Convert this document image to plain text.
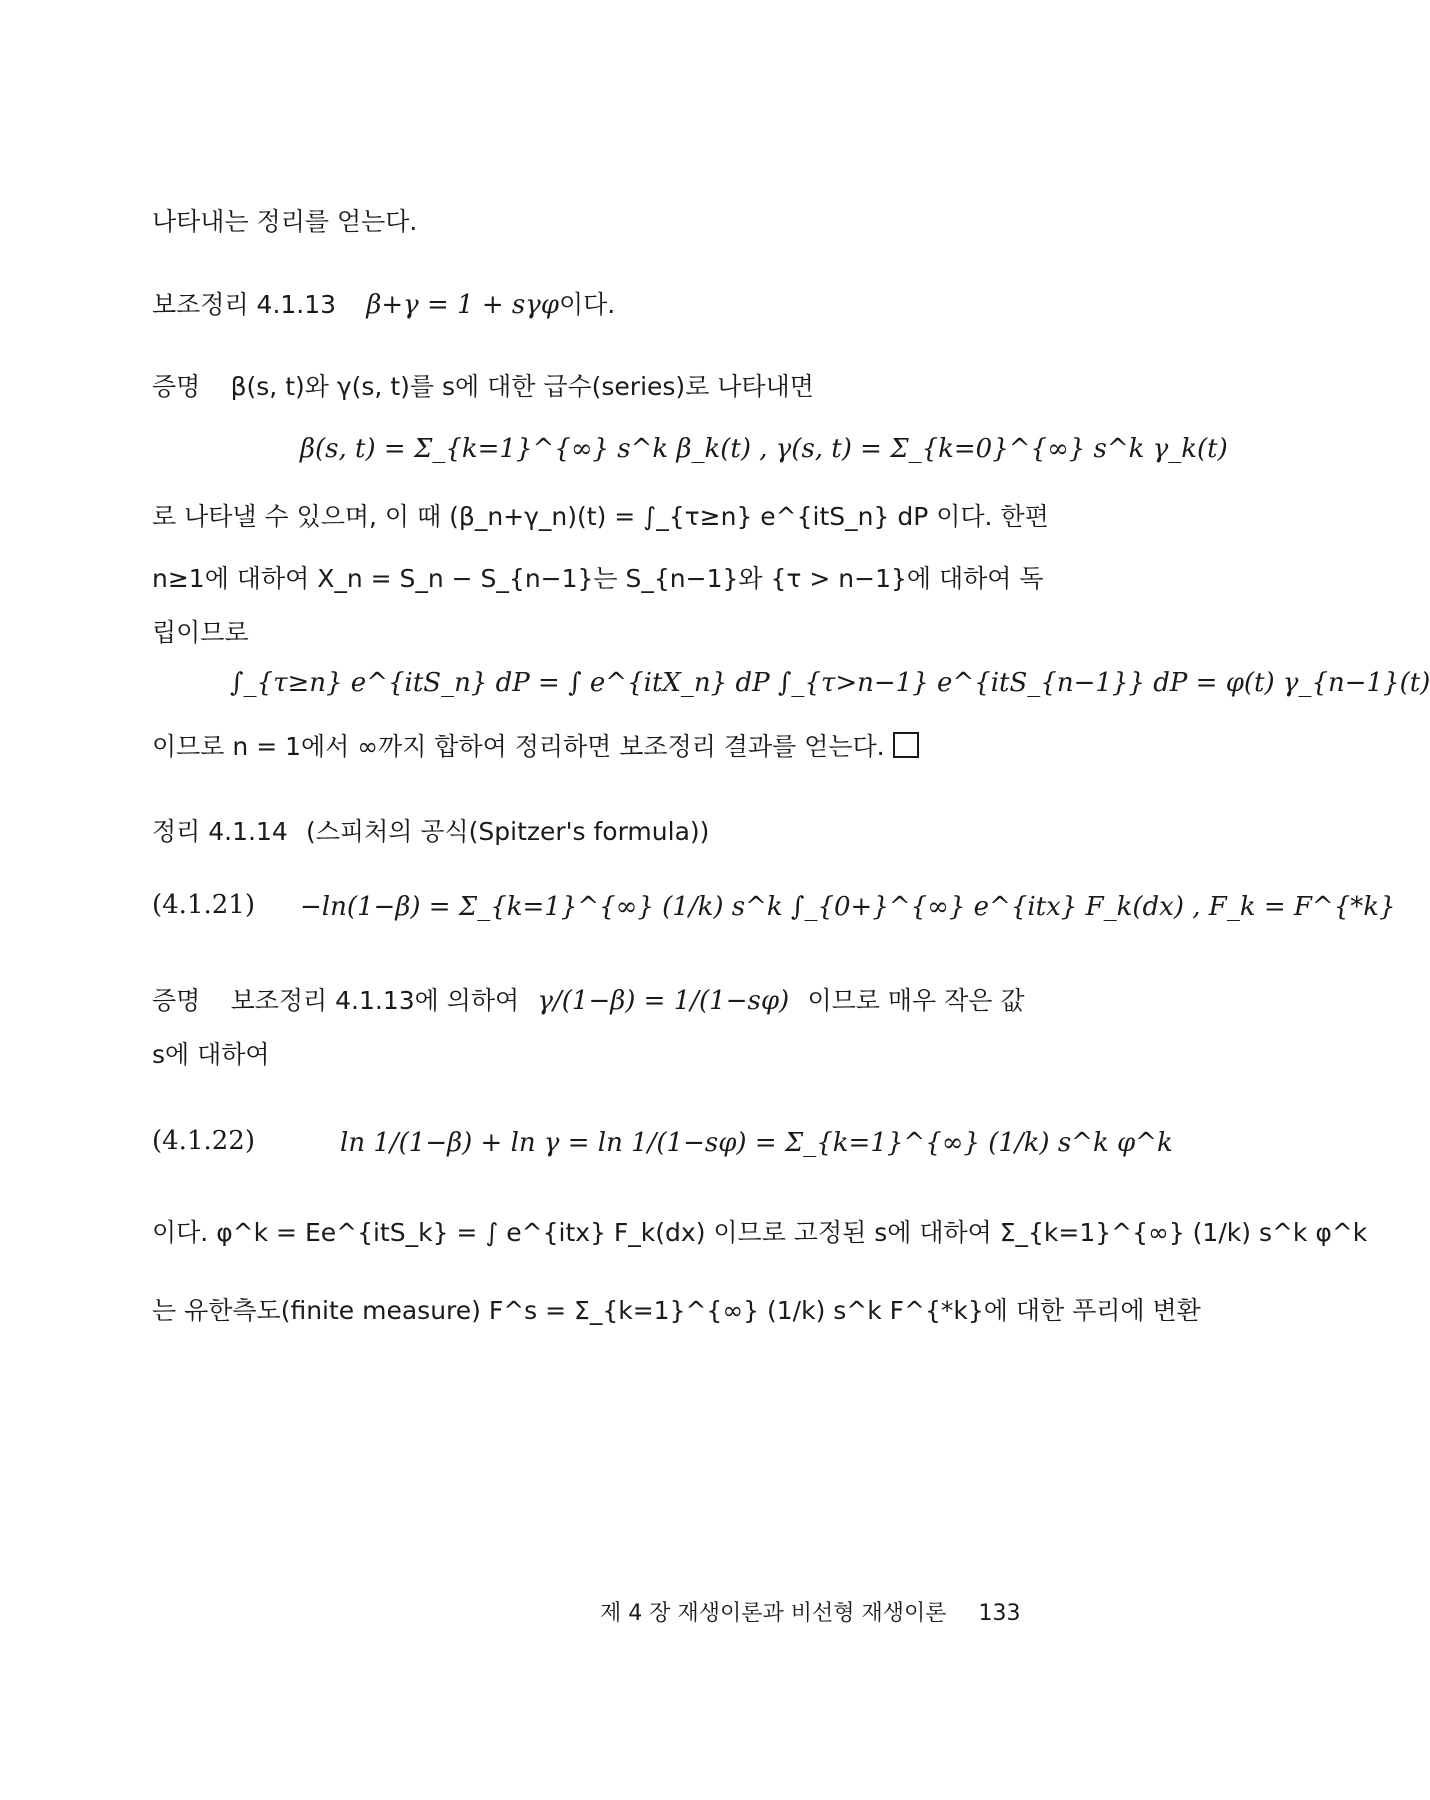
나타내는 정리를 얻는다.
보조정리 4.1.13 β+γ = 1 + sγφ이다.
증명 β(s, t)와 γ(s, t)를 s에 대한 급수(series)로 나타내면
β(s, t) = Σ_{k=1}^{∞} s^k β_k(t) , γ(s, t) = Σ_{k=0}^{∞} s^k γ_k(t)
로 나타낼 수 있으며, 이 때 (β_n+γ_n)(t) = ∫_{τ≥n} e^{itS_n} dP 이다. 한편
n≥1에 대하여 X_n = S_n − S_{n−1}는 S_{n−1}와 {τ > n−1}에 대하여 독
립이므로
∫_{τ≥n} e^{itS_n} dP = ∫ e^{itX_n} dP ∫_{τ>n−1} e^{itS_{n−1}} dP = φ(t) γ_{n−1}(t)
이므로 n = 1에서 ∞까지 합하여 정리하면 보조정리 결과를 얻는다.
정리 4.1.14 (스피처의 공식(Spitzer's formula))
(4.1.21) −ln(1−β) = Σ_{k=1}^{∞} (1/k) s^k ∫_{0+}^{∞} e^{itx} F_k(dx) , F_k = F^{*k}
증명 보조정리 4.1.13에 의하여 γ/(1−β) = 1/(1−sφ) 이므로 매우 작은 값
s에 대하여
(4.1.22)	ln 1/(1−β) + ln γ = ln 1/(1−sφ) = Σ_{k=1}^{∞} (1/k) s^k φ^k
이다. φ^k = Ee^{itS_k} = ∫ e^{itx} F_k(dx) 이므로 고정된 s에 대하여 Σ_{k=1}^{∞} (1/k) s^k φ^k
는 유한측도(finite measure) F^s = Σ_{k=1}^{∞} (1/k) s^k F^{*k}에 대한 푸리에 변환
제 4 장 재생이론과 비선형 재생이론 133
